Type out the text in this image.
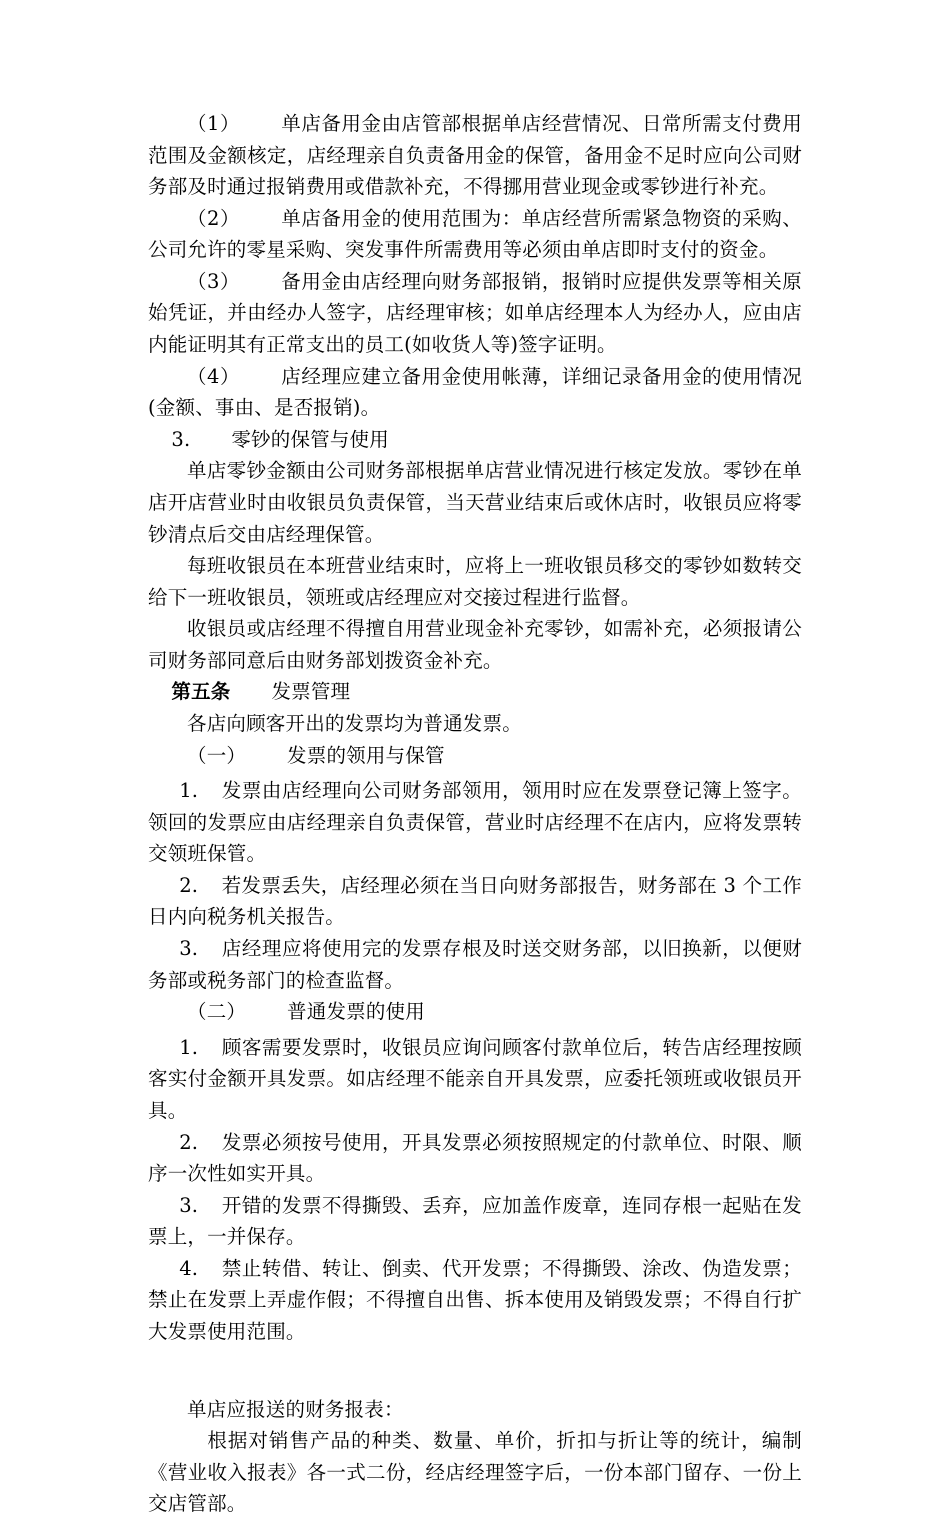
（1） 单店备用金由店管部根据单店经营情况、日常所需支付费用范围及金额核定，店经理亲自负责备用金的保管，备用金不足时应向公司财务部及时通过报销费用或借款补充，不得挪用营业现金或零钞进行补充。

（2） 单店备用金的使用范围为：单店经营所需紧急物资的采购、公司允许的零星采购、突发事件所需费用等必须由单店即时支付的资金。

（3） 备用金由店经理向财务部报销，报销时应提供发票等相关原始凭证，并由经办人签字，店经理审核；如单店经理本人为经办人，应由店内能证明其有正常支出的员工(如收货人等)签字证明。

（4） 店经理应建立备用金使用帐薄，详细记录备用金的使用情况(金额、事由、是否报销)。

3. 零钞的保管与使用

单店零钞金额由公司财务部根据单店营业情况进行核定发放。零钞在单店开店营业时由收银员负责保管，当天营业结束后或休店时，收银员应将零钞清点后交由店经理保管。

每班收银员在本班营业结束时，应将上一班收银员移交的零钞如数转交给下一班收银员，领班或店经理应对交接过程进行监督。

收银员或店经理不得擅自用营业现金补充零钞，如需补充，必须报请公司财务部同意后由财务部划拨资金补充。

第五条 发票管理

各店向顾客开出的发票均为普通发票。

（一） 发票的领用与保管

1. 发票由店经理向公司财务部领用，领用时应在发票登记簿上签字。领回的发票应由店经理亲自负责保管，营业时店经理不在店内，应将发票转交领班保管。

2. 若发票丢失，店经理必须在当日向财务部报告，财务部在 3 个工作日内向税务机关报告。

3. 店经理应将使用完的发票存根及时送交财务部，以旧换新，以便财务部或税务部门的检查监督。

（二） 普通发票的使用

1. 顾客需要发票时，收银员应询问顾客付款单位后，转告店经理按顾客实付金额开具发票。如店经理不能亲自开具发票，应委托领班或收银员开具。

2. 发票必须按号使用，开具发票必须按照规定的付款单位、时限、顺序一次性如实开具。

3. 开错的发票不得撕毁、丢弃，应加盖作废章，连同存根一起贴在发票上，一并保存。

4. 禁止转借、转让、倒卖、代开发票；不得撕毁、涂改、伪造发票；禁止在发票上弄虚作假；不得擅自出售、拆本使用及销毁发票；不得自行扩大发票使用范围。

单店应报送的财务报表：

根据对销售产品的种类、数量、单价，折扣与折让等的统计，编制《营业收入报表》各一式二份，经店经理签字后，一份本部门留存、一份上交店管部。
